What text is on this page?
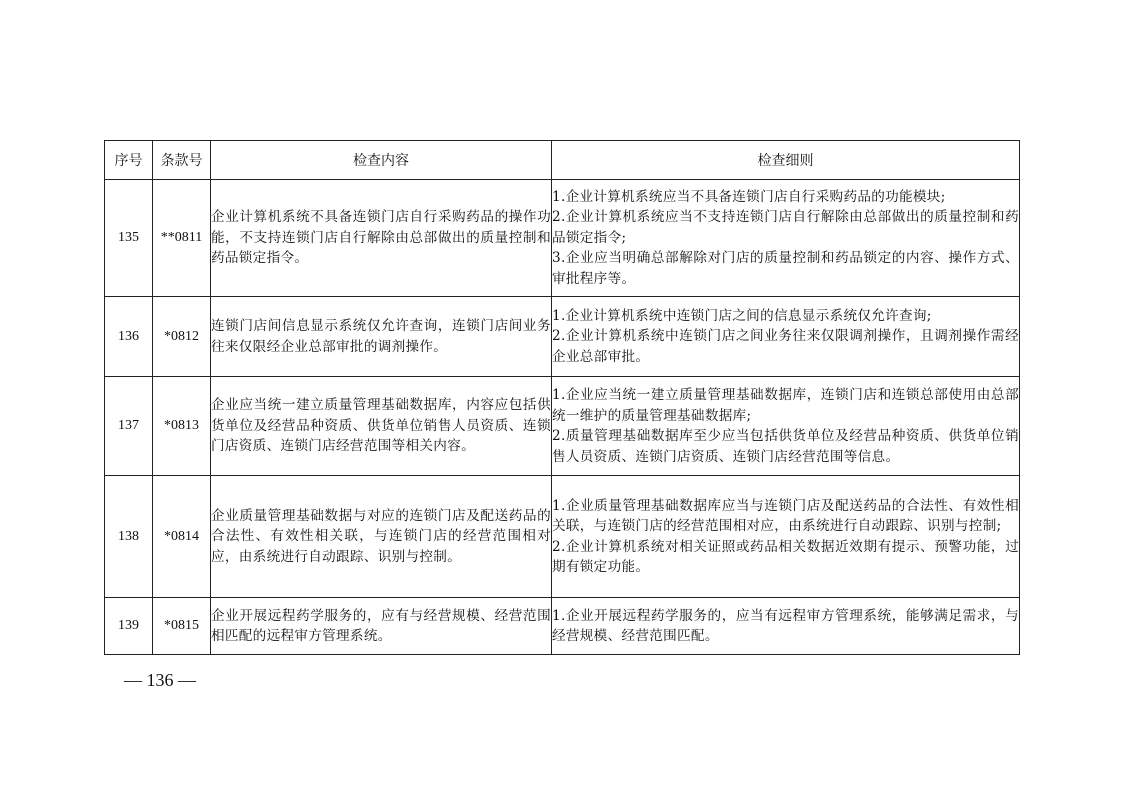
序号	条款号	检查内容	检查细则
135	**0811	企业计算机系统不具备连锁门店自行采购药品的操作功能，不支持连锁门店自行解除由总部做出的质量控制和药品锁定指令。	1.企业计算机系统应当不具备连锁门店自行采购药品的功能模块;
2.企业计算机系统应当不支持连锁门店自行解除由总部做出的质量控制和药品锁定指令;
3.企业应当明确总部解除对门店的质量控制和药品锁定的内容、操作方式、审批程序等。

136	*0812	连锁门店间信息显示系统仅允许查询，连锁门店间业务往来仅限经企业总部审批的调剂操作。	1.企业计算机系统中连锁门店之间的信息显示系统仅允许查询;
2.企业计算机系统中连锁门店之间业务往来仅限调剂操作，且调剂操作需经企业总部审批。

137	*0813	企业应当统一建立质量管理基础数据库，内容应包括供货单位及经营品种资质、供货单位销售人员资质、连锁门店资质、连锁门店经营范围等相关内容。	1.企业应当统一建立质量管理基础数据库，连锁门店和连锁总部使用由总部统一维护的质量管理基础数据库;
2.质量管理基础数据库至少应当包括供货单位及经营品种资质、供货单位销售人员资质、连锁门店资质、连锁门店经营范围等信息。

138	*0814	企业质量管理基础数据与对应的连锁门店及配送药品的合法性、有效性相关联，与连锁门店的经营范围相对应，由系统进行自动跟踪、识别与控制。	1.企业质量管理基础数据库应当与连锁门店及配送药品的合法性、有效性相关联，与连锁门店的经营范围相对应，由系统进行自动跟踪、识别与控制;
2.企业计算机系统对相关证照或药品相关数据近效期有提示、预警功能，过期有锁定功能。

139	*0815	企业开展远程药学服务的，应有与经营规模、经营范围相匹配的远程审方管理系统。	1.企业开展远程药学服务的，应当有远程审方管理系统，能够满足需求，与经营规模、经营范围匹配。
— 136 —
